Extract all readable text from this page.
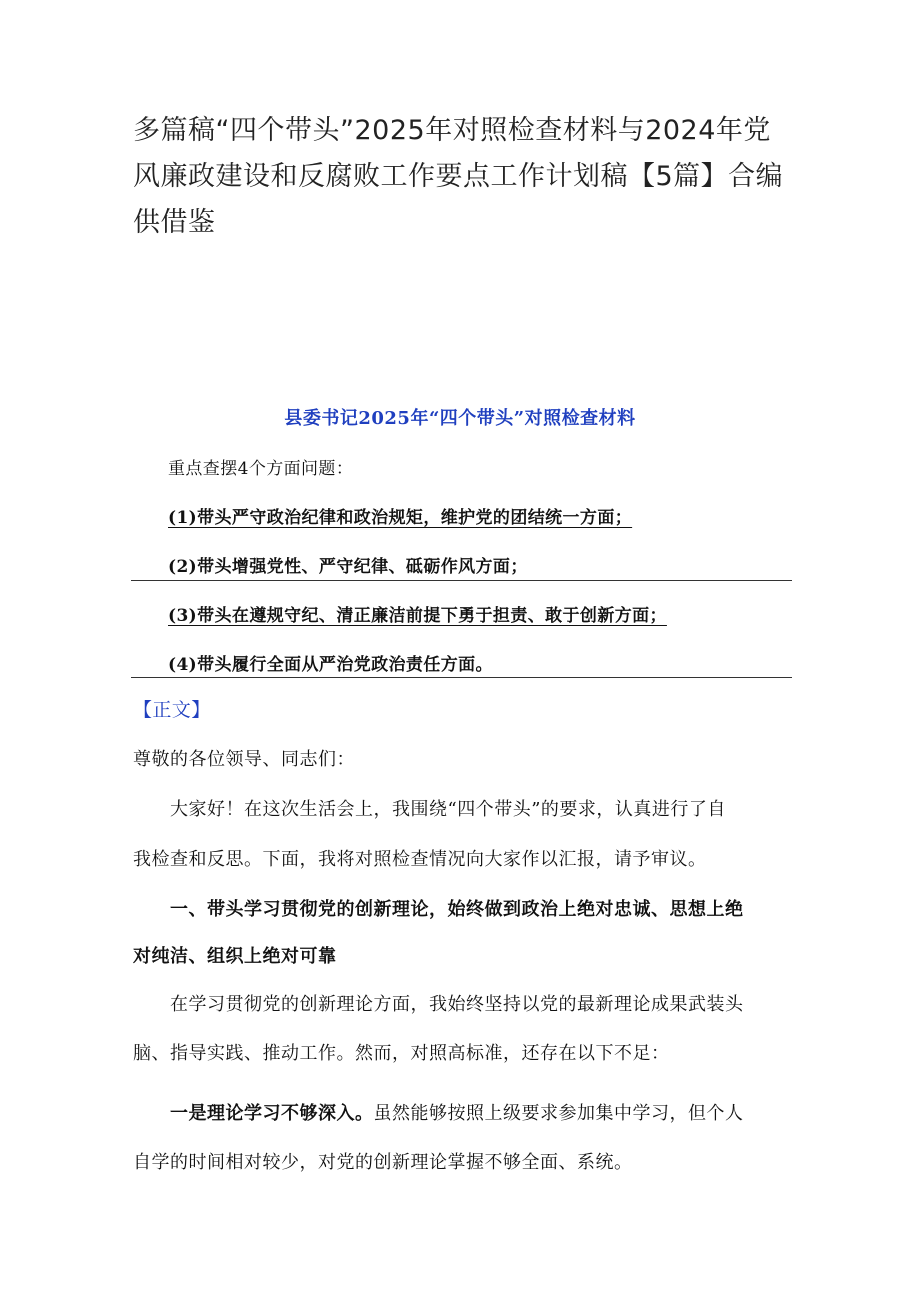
多篇稿“四个带头”2025年对照检查材料与2024年党
风廉政建设和反腐败工作要点工作计划稿【5篇】合编
供借鉴
县委书记2025年“四个带头”对照检查材料

重点查摆4个方面问题：

(1)带头严守政治纪律和政治规矩，维护党的团结统一方面；

(2)带头增强党性、严守纪律、砥砺作风方面；

(3)带头在遵规守纪、清正廉洁前提下勇于担责、敢于创新方面；

(4)带头履行全面从严治党政治责任方面。

【正文】

尊敬的各位领导、同志们：

大家好！在这次生活会上，我围绕“四个带头”的要求，认真进行了自

我检查和反思。下面，我将对照检查情况向大家作以汇报，请予审议。

一、带头学习贯彻党的创新理论，始终做到政治上绝对忠诚、思想上绝

对纯洁、组织上绝对可靠

在学习贯彻党的创新理论方面，我始终坚持以党的最新理论成果武装头

脑、指导实践、推动工作。然而，对照高标准，还存在以下不足：

一是理论学习不够深入。虽然能够按照上级要求参加集中学习，但个人

自学的时间相对较少，对党的创新理论掌握不够全面、系统。
